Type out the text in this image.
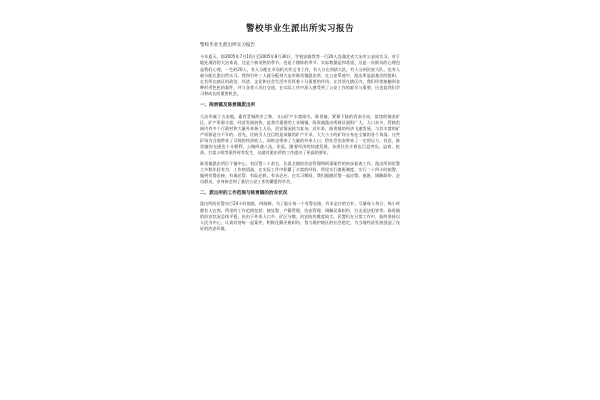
警校毕业生派出所实习报告
警校毕业生派出所实习报告

今年夏天，即2005年7月10日至2005年8月30日，学校安排我等一行20人赴湖北省大冶市公安局实习。对于地处湘西的大冶来说，这是个极炎热的季节，也是个锤炼的季节。实际数据是和希望，这是一次极具的心理也是我们心理，一生的20人，有人分配在市局机关作文书工作，有人分在刑侦大队，有人分到治安大队，也有人被分配在派出所实习。我和另外三人就分配到大冶市陈贵镇派出所，在公安系统中，派出所是最基层的组织，在其所在辖区的政治、经济、文化和社会生活中发挥着十分重要的作用。在其所在辖区内，我们经常接触到各种形形色色的案件，并与各类人员打交道，在实际工作中深入感受到了公安工作的艰辛与重要，这也是我们学习和成长的重要机会。

一、陈贵镇及陈贵镇派出所

大冶市属于古冶地，素有青铜故乡之称，又以矿产丰富闻名。陈贵镇，紧靠下陆的西南方向，富饶的铜金矿区，矿产资源丰富，经济发展较快，是我市重要的工业城镇。陈贵镇派出所辖区面积广大，人口众多，管辖范围内有多个行政村和大量外来务工人员，治安情况较为复杂。近年来，陈贵镇的经济飞速发展，与其丰富的矿产资源是分不开的。首先，比较引人注目的是该镇的矿产开采，大大小小的矿场分布在全镇的各个角落。这些矿场为当地带来了可观的经济收入，同时也带来了大量的外来人口，给社会治安带来了一定的压力。其次，陈贵镇的交通也十分便利，公路四通八达。但是，随着经济的快速发展，各类社会矛盾也日益突出，盗窃、抢劫、打架斗殴等案件时有发生，这就对派出所的工作提出了更高的要求。

陈贵镇派出所位于镇中心，有民警二十余名，负责全镇的治安管理和刑事案件的初步侦查工作。派出所的民警大多数年轻有为，工作热情高，在实际工作中积累了丰富的经验。所里实行值班制度，实行二十四小时接警，做到有警必接、有难必帮、有险必救、有求必应。在实习期间，我们跟随民警一起出警、值班、调解纠纷、走访群众，亲身体会到了基层公安工作的繁重和辛苦。

二、派出所的工作范围与陈贵镇的治安状况

派出所的民警实行24小时值班，四班制，为了能让每一个有警必接、有求必应的方针，尽量每人每日、每小时都有人在岗。所里的工作范围包括：接处警、户籍管理、治安管理、调解民事纠纷、打击违法犯罪等。陈贵镇的治安状况总体平稳，但由于外来人口多、矿区分散，治安防控难度较大。民警们在日常工作中，始终坚持以人民为中心，认真对待每一起案件，积极化解矛盾纠纷，努力维护辖区的社会稳定，为当地经济发展创造了良好的治安环境。
